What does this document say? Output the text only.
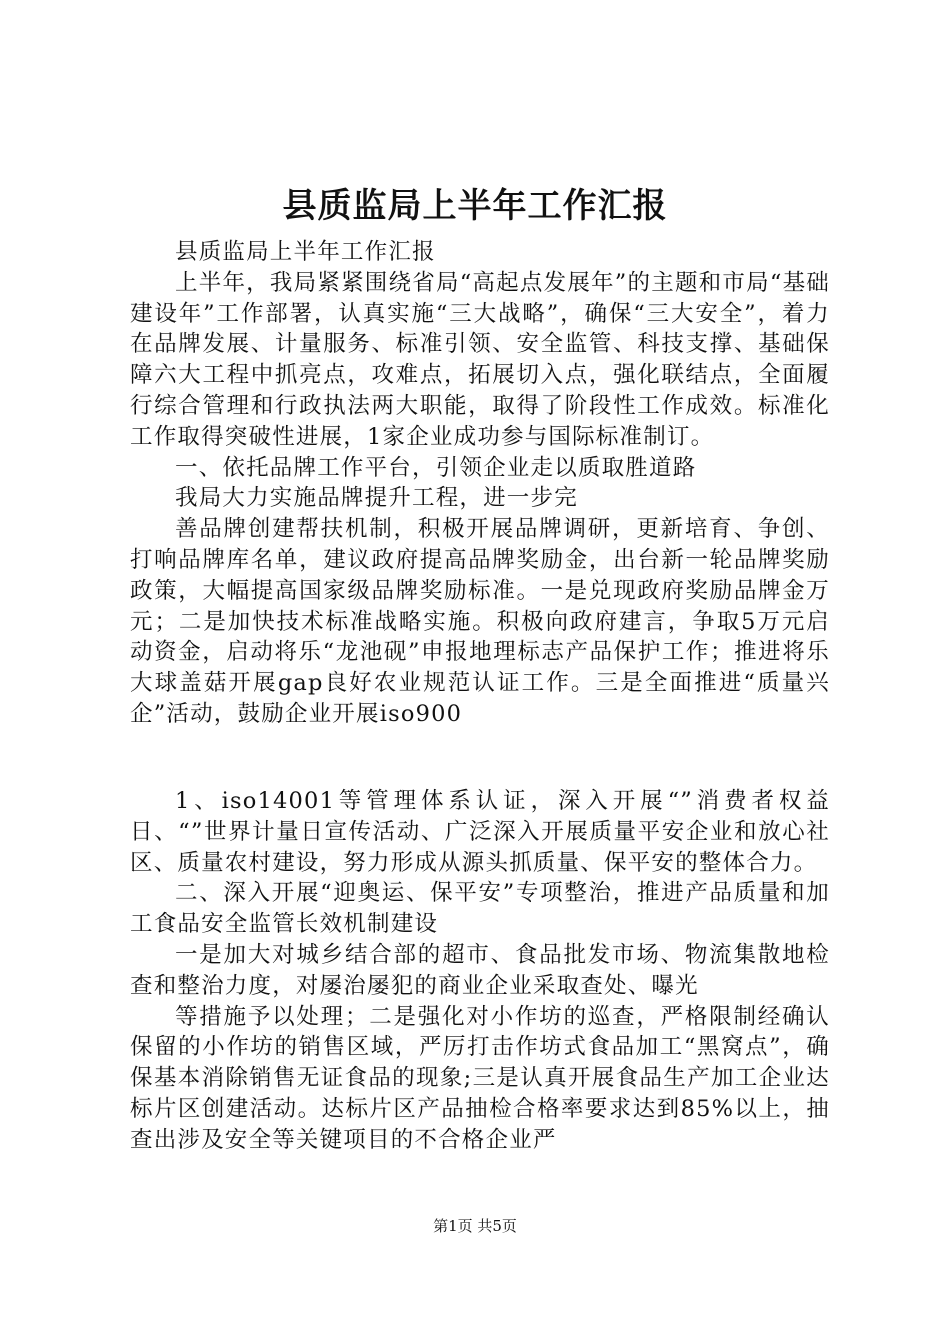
县质监局上半年工作汇报

县质监局上半年工作汇报

上半年，我局紧紧围绕省局“高起点发展年”的主题和市局“基础建设年”工作部署，认真实施“三大战略”，确保“三大安全”，着力在品牌发展、计量服务、标准引领、安全监管、科技支撑、基础保障六大工程中抓亮点，攻难点，拓展切入点，强化联结点，全面履行综合管理和行政执法两大职能，取得了阶段性工作成效。标准化工作取得突破性进展，1家企业成功参与国际标准制订。

一、依托品牌工作平台，引领企业走以质取胜道路

我局大力实施品牌提升工程，进一步完

善品牌创建帮扶机制，积极开展品牌调研，更新培育、争创、打响品牌库名单，建议政府提高品牌奖励金，出台新一轮品牌奖励政策，大幅提高国家级品牌奖励标准。一是兑现政府奖励品牌金万元；二是加快技术标准战略实施。积极向政府建言，争取5万元启动资金，启动将乐“龙池砚”申报地理标志产品保护工作；推进将乐大球盖菇开展gap良好农业规范认证工作。三是全面推进“质量兴企”活动，鼓励企业开展iso900

1、iso14001等管理体系认证，深入开展“”消费者权益日、“”世界计量日宣传活动、广泛深入开展质量平安企业和放心社区、质量农村建设，努力形成从源头抓质量、保平安的整体合力。

二、深入开展“迎奥运、保平安”专项整治，推进产品质量和加工食品安全监管长效机制建设

一是加大对城乡结合部的超市、食品批发市场、物流集散地检查和整治力度，对屡治屡犯的商业企业采取查处、曝光

等措施予以处理；二是强化对小作坊的巡查，严格限制经确认保留的小作坊的销售区域，严厉打击作坊式食品加工“黑窝点”，确保基本消除销售无证食品的现象;三是认真开展食品生产加工企业达标片区创建活动。达标片区产品抽检合格率要求达到85%以上，抽查出涉及安全等关键项目的不合格企业严

第1页 共5页
